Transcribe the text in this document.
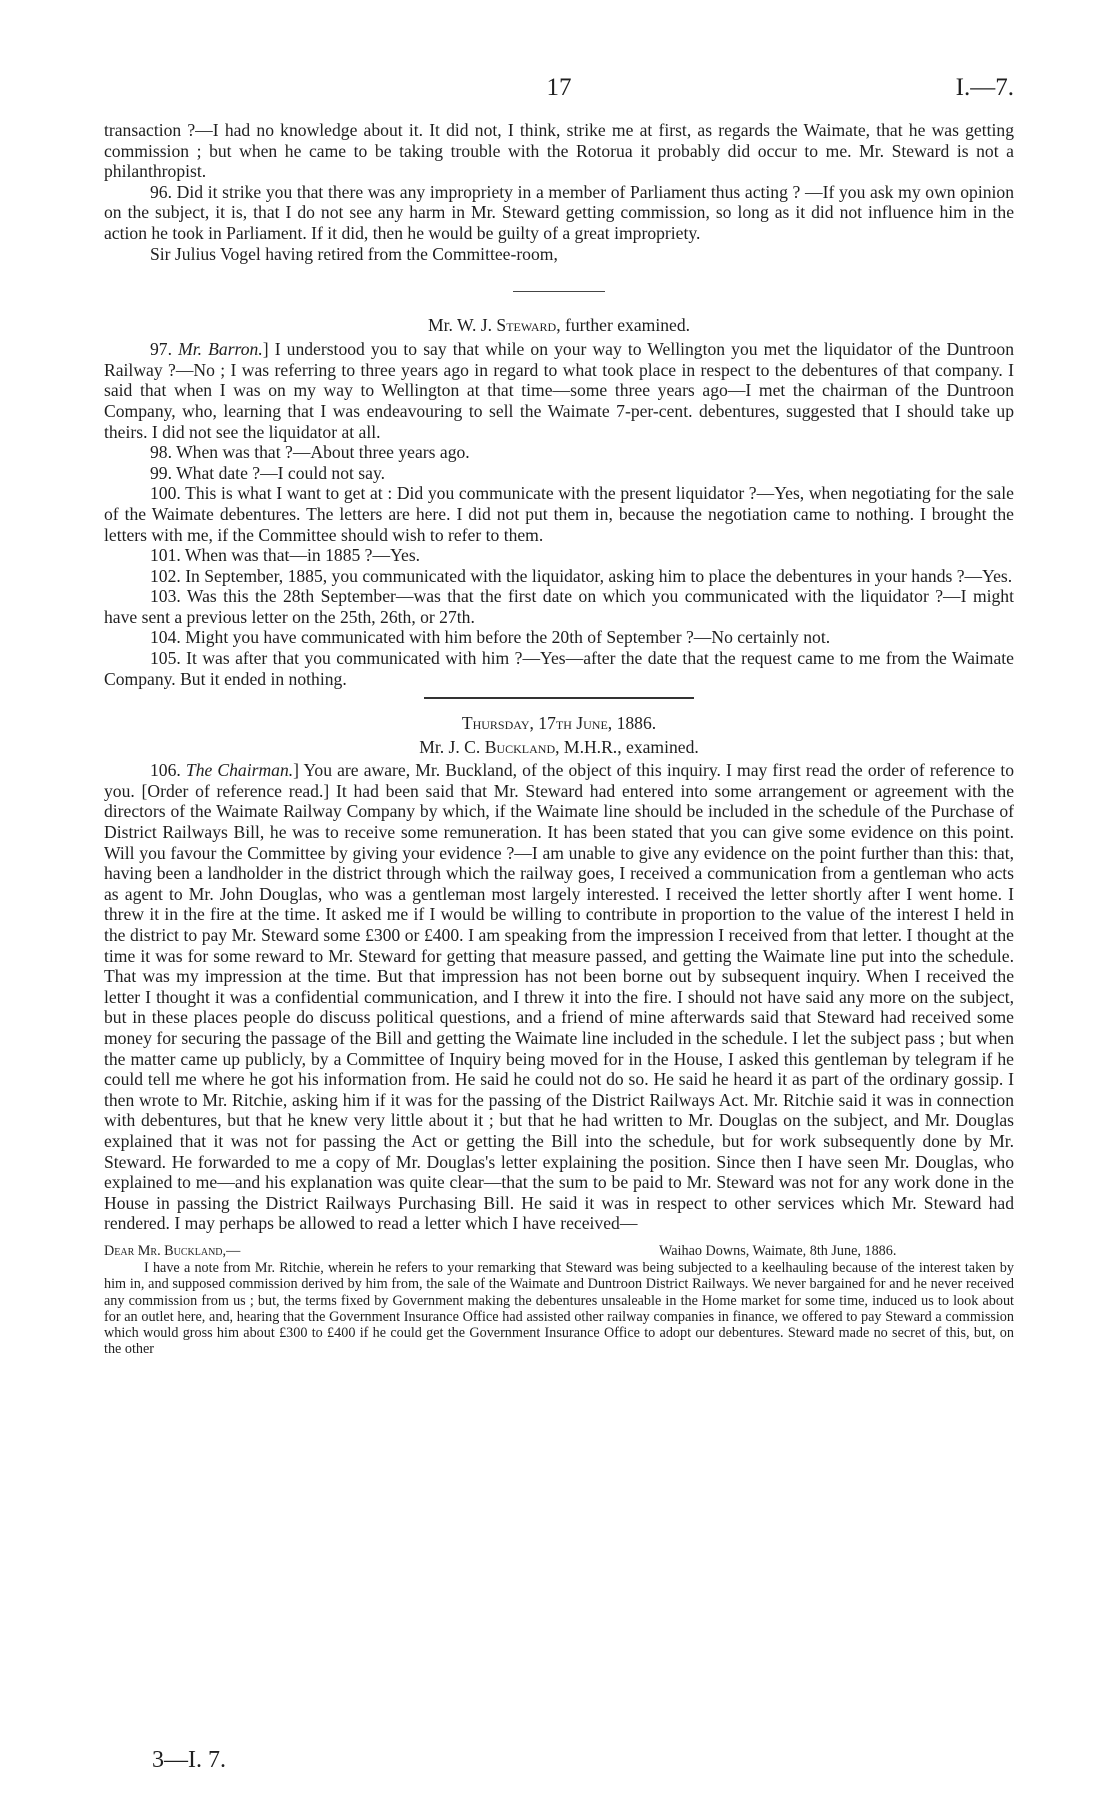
17	I.—7.

transaction ?—I had no knowledge about it. It did not, I think, strike me at first, as regards the Waimate, that he was getting commission ; but when he came to be taking trouble with the Rotorua it probably did occur to me. Mr. Steward is not a philanthropist.

96. Did it strike you that there was any impropriety in a member of Parliament thus acting ? —If you ask my own opinion on the subject, it is, that I do not see any harm in Mr. Steward getting commission, so long as it did not influence him in the action he took in Parliament. If it did, then he would be guilty of a great impropriety.

Sir Julius Vogel having retired from the Committee-room,

Mr. W. J. Steward, further examined.

97. Mr. Barron.] I understood you to say that while on your way to Wellington you met the liquidator of the Duntroon Railway ?—No ; I was referring to three years ago in regard to what took place in respect to the debentures of that company. I said that when I was on my way to Wellington at that time—some three years ago—I met the chairman of the Duntroon Company, who, learning that I was endeavouring to sell the Waimate 7-per-cent. debentures, suggested that I should take up theirs. I did not see the liquidator at all.

98. When was that ?—About three years ago.

99. What date ?—I could not say.

100. This is what I want to get at : Did you communicate with the present liquidator ?—Yes, when negotiating for the sale of the Waimate debentures. The letters are here. I did not put them in, because the negotiation came to nothing. I brought the letters with me, if the Committee should wish to refer to them.

101. When was that—in 1885 ?—Yes.

102. In September, 1885, you communicated with the liquidator, asking him to place the debentures in your hands ?—Yes.

103. Was this the 28th September—was that the first date on which you communicated with the liquidator ?—I might have sent a previous letter on the 25th, 26th, or 27th.

104. Might you have communicated with him before the 20th of September ?—No certainly not.

105. It was after that you communicated with him ?—Yes—after the date that the request came to me from the Waimate Company. But it ended in nothing.

Thursday, 17th June, 1886.
Mr. J. C. Buckland, M.H.R., examined.

106. The Chairman.] You are aware, Mr. Buckland, of the object of this inquiry. I may first read the order of reference to you. [Order of reference read.] It had been said that Mr. Steward had entered into some arrangement or agreement with the directors of the Waimate Railway Company by which, if the Waimate line should be included in the schedule of the Purchase of District Railways Bill, he was to receive some remuneration. It has been stated that you can give some evidence on this point. Will you favour the Committee by giving your evidence ?—I am unable to give any evidence on the point further than this: that, having been a landholder in the district through which the railway goes, I received a communication from a gentleman who acts as agent to Mr. John Douglas, who was a gentleman most largely interested. I received the letter shortly after I went home. I threw it in the fire at the time. It asked me if I would be willing to contribute in proportion to the value of the interest I held in the district to pay Mr. Steward some £300 or £400. I am speaking from the impression I received from that letter. I thought at the time it was for some reward to Mr. Steward for getting that measure passed, and getting the Waimate line put into the schedule. That was my impression at the time. But that impression has not been borne out by subsequent inquiry. When I received the letter I thought it was a confidential communication, and I threw it into the fire. I should not have said any more on the subject, but in these places people do discuss political questions, and a friend of mine afterwards said that Steward had received some money for securing the passage of the Bill and getting the Waimate line included in the schedule. I let the subject pass ; but when the matter came up publicly, by a Committee of Inquiry being moved for in the House, I asked this gentleman by telegram if he could tell me where he got his information from. He said he could not do so. He said he heard it as part of the ordinary gossip. I then wrote to Mr. Ritchie, asking him if it was for the passing of the District Railways Act. Mr. Ritchie said it was in connection with debentures, but that he knew very little about it ; but that he had written to Mr. Douglas on the subject, and Mr. Douglas explained that it was not for passing the Act or getting the Bill into the schedule, but for work subsequently done by Mr. Steward. He forwarded to me a copy of Mr. Douglas's letter explaining the position. Since then I have seen Mr. Douglas, who explained to me—and his explanation was quite clear—that the sum to be paid to Mr. Steward was not for any work done in the House in passing the District Railways Purchasing Bill. He said it was in respect to other services which Mr. Steward had rendered. I may perhaps be allowed to read a letter which I have received—

Dear Mr. Buckland,—	Waihao Downs, Waimate, 8th June, 1886.

I have a note from Mr. Ritchie, wherein he refers to your remarking that Steward was being subjected to a keelhauling because of the interest taken by him in, and supposed commission derived by him from, the sale of the Waimate and Duntroon District Railways. We never bargained for and he never received any commission from us ; but, the terms fixed by Government making the debentures unsaleable in the Home market for some time, induced us to look about for an outlet here, and, hearing that the Government Insurance Office had assisted other railway companies in finance, we offered to pay Steward a commission which would gross him about £300 to £400 if he could get the Government Insurance Office to adopt our debentures. Steward made no secret of this, but, on the other

3—I. 7.
